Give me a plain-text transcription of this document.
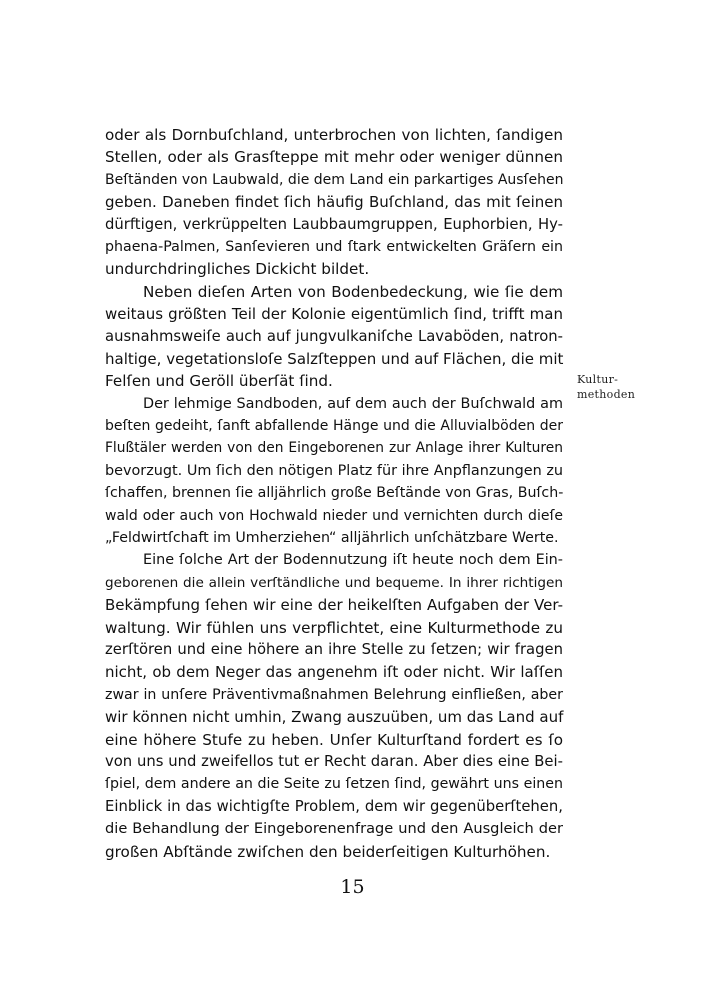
oder als Dornbuſchland, unterbrochen von lichten, ſandigen
Stellen, oder als Grasſteppe mit mehr oder weniger dünnen
Beſtänden von Laubwald, die dem Land ein parkartiges Ausſehen
geben. Daneben findet ſich häufig Buſchland, das mit ſeinen
dürftigen, verkrüppelten Laubbaumgruppen, Euphorbien, Hy-
phaena-Palmen, Sanſevieren und ſtark entwickelten Gräſern ein
undurchdringliches Dickicht bildet.
Neben dieſen Arten von Bodenbedeckung, wie ſie dem
weitaus größten Teil der Kolonie eigentümlich ſind, trifft man
ausnahmsweiſe auch auf jungvulkaniſche Lavaböden, natron-
haltige, vegetationsloſe Salzſteppen und auf Flächen, die mit
Felſen und Geröll überſät ſind.
Der lehmige Sandboden, auf dem auch der Buſchwald am
beſten gedeiht, ſanft abfallende Hänge und die Alluvialböden der
Flußtäler werden von den Eingeborenen zur Anlage ihrer Kulturen
bevorzugt. Um ſich den nötigen Platz für ihre Anpflanzungen zu
ſchaffen, brennen ſie alljährlich große Beſtände von Gras, Buſch-
wald oder auch von Hochwald nieder und vernichten durch dieſe
„Feldwirtſchaft im Umherziehen“ alljährlich unſchätzbare Werte.
Eine ſolche Art der Bodennutzung iſt heute noch dem Ein-
geborenen die allein verſtändliche und bequeme. In ihrer richtigen
Bekämpfung ſehen wir eine der heikelſten Aufgaben der Ver-
waltung. Wir fühlen uns verpflichtet, eine Kulturmethode zu
zerſtören und eine höhere an ihre Stelle zu ſetzen; wir fragen
nicht, ob dem Neger das angenehm iſt oder nicht. Wir laſſen
zwar in unſere Präventivmaßnahmen Belehrung einfließen, aber
wir können nicht umhin, Zwang auszuüben, um das Land auf
eine höhere Stufe zu heben. Unſer Kulturſtand fordert es ſo
von uns und zweifellos tut er Recht daran. Aber dies eine Bei-
ſpiel, dem andere an die Seite zu ſetzen ſind, gewährt uns einen
Einblick in das wichtigſte Problem, dem wir gegenüberſtehen,
die Behandlung der Eingeborenenfrage und den Ausgleich der
großen Abſtände zwiſchen den beiderſeitigen Kulturhöhen.
Kultur-
methoden
15
